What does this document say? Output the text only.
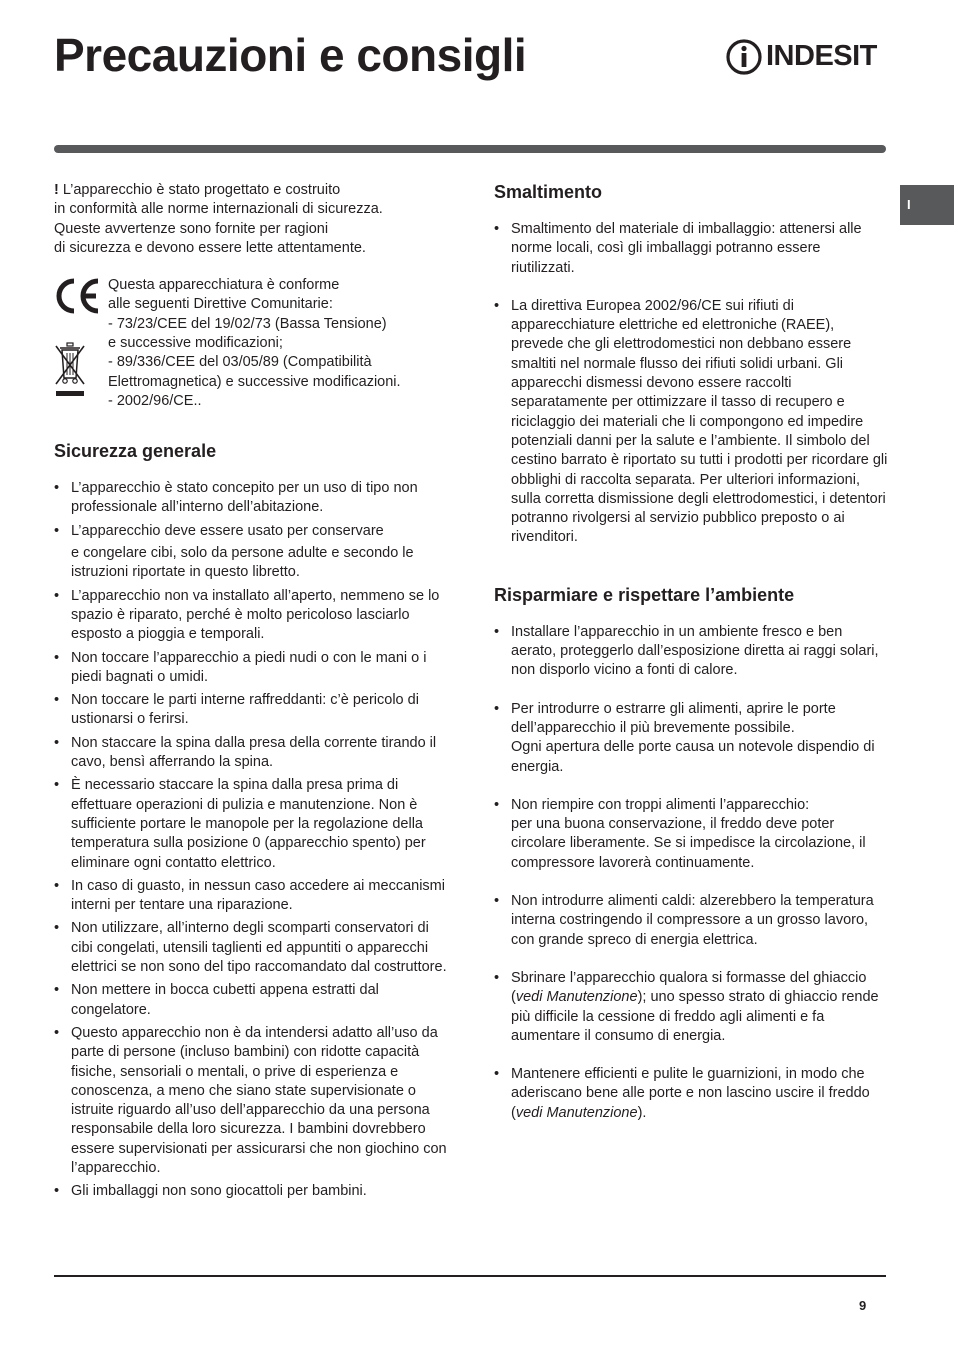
Precauzioni e consigli	INDESIT
I

! L’apparecchio è stato progettato e costruito
in conformità alle norme internazionali di sicurezza.
Queste avvertenze sono fornite per ragioni
di sicurezza e devono essere lette attentamente.

Questa apparecchiatura è conforme
alle seguenti Direttive Comunitarie:
- 73/23/CEE del 19/02/73 (Bassa Tensione)
e successive modificazioni;
- 89/336/CEE del 03/05/89 (Compatibilità
Elettromagnetica) e successive modificazioni.
- 2002/96/CE..
Sicurezza generale
• L’apparecchio è stato concepito per un uso di tipo non professionale all’interno dell’abitazione.
• L’apparecchio deve essere usato per conservare
e congelare cibi, solo da persone adulte e secondo le istruzioni riportate in questo libretto.
• L’apparecchio non va installato all’aperto, nemmeno se lo spazio è riparato, perché è molto pericoloso lasciarlo esposto a pioggia e temporali.
• Non toccare l’apparecchio a piedi nudi o con le mani o i piedi bagnati o umidi.
• Non toccare le parti interne raffreddanti: c’è pericolo di ustionarsi o ferirsi.
• Non staccare la spina dalla presa della corrente tirando il cavo, bensì afferrando la spina.
• È necessario staccare la spina dalla presa prima di effettuare operazioni di pulizia e manutenzione. Non è sufficiente portare le manopole per la regolazione della temperatura sulla posizione 0 (apparecchio spento) per eliminare ogni contatto elettrico.
• In caso di guasto, in nessun caso accedere ai meccanismi interni per tentare una riparazione.
• Non utilizzare, all’interno degli scomparti conservatori di cibi congelati, utensili taglienti ed appuntiti o apparecchi elettrici se non sono del tipo raccomandato dal costruttore.
• Non mettere in bocca cubetti appena estratti dal congelatore.
• Questo apparecchio non è da intendersi adatto all’uso da parte di persone (incluso bambini) con ridotte capacità fisiche, sensoriali o mentali, o prive di esperienza e conoscenza, a meno che siano state supervisionate o istruite riguardo all’uso dell’apparecchio da una persona responsabile della loro sicurezza. I bambini dovrebbero essere supervisionati per assicurarsi che non giochino con l’apparecchio.
• Gli imballaggi non sono giocattoli per bambini.
Smaltimento
• Smaltimento del materiale di imballaggio: attenersi alle norme locali, così gli imballaggi potranno essere riutilizzati.
• La direttiva Europea 2002/96/CE sui rifiuti di apparecchiature elettriche ed elettroniche (RAEE), prevede che gli elettrodomestici non debbano essere smaltiti nel normale flusso dei rifiuti solidi urbani. Gli apparecchi dismessi devono essere raccolti separatamente per ottimizzare il tasso di recupero e riciclaggio dei materiali che li compongono ed impedire potenziali danni per la salute e l’ambiente. Il simbolo del cestino barrato è riportato su tutti i prodotti per ricordare gli obblighi di raccolta separata. Per ulteriori informazioni, sulla corretta dismissione degli elettrodomestici, i detentori potranno rivolgersi al servizio pubblico preposto o ai rivenditori.
Risparmiare e rispettare l’ambiente
• Installare l’apparecchio in un ambiente fresco e ben aerato, proteggerlo dall’esposizione diretta ai raggi solari, non disporlo vicino a fonti di calore.
• Per introdurre o estrarre gli alimenti, aprire le porte dell’apparecchio il più brevemente possibile.
Ogni apertura delle porte causa un notevole dispendio di energia.
• Non riempire con troppi alimenti l’apparecchio:
per una buona conservazione, il freddo deve poter circolare liberamente. Se si impedisce la circolazione, il compressore lavorerà continuamente.
• Non introdurre alimenti caldi: alzerebbero la temperatura interna costringendo il compressore a un grosso lavoro, con grande spreco di energia elettrica.
• Sbrinare l’apparecchio qualora si formasse del ghiaccio (vedi Manutenzione); uno spesso strato di ghiaccio rende più difficile la cessione di freddo agli alimenti e fa aumentare il consumo di energia.
• Mantenere efficienti e pulite le guarnizioni, in modo che aderiscano bene alle porte e non lascino uscire il freddo (vedi Manutenzione).
9
